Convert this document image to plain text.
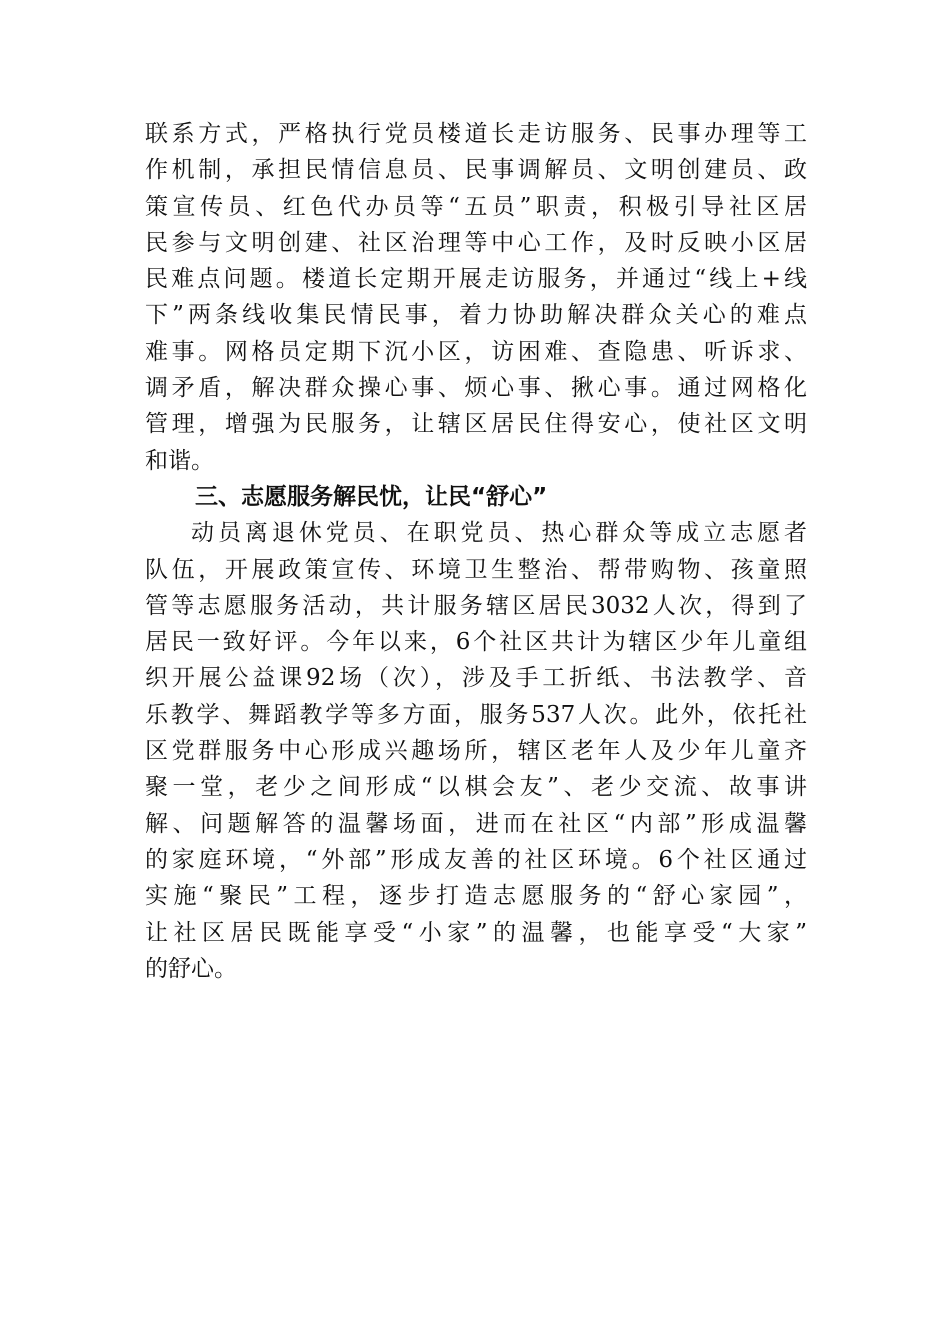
联系方式，严格执行党员楼道长走访服务、民事办理等工
作机制，承担民情信息员、民事调解员、文明创建员、政
策宣传员、红色代办员等“五员”职责，积极引导社区居
民参与文明创建、社区治理等中心工作，及时反映小区居
民难点问题。楼道长定期开展走访服务，并通过“线上+线
下”两条线收集民情民事，着力协助解决群众关心的难点
难事。网格员定期下沉小区，访困难、查隐患、听诉求、
调矛盾，解决群众操心事、烦心事、揪心事。通过网格化
管理，增强为民服务，让辖区居民住得安心，使社区文明
和谐。
三、志愿服务解民忧，让民“舒心”
动员离退休党员、在职党员、热心群众等成立志愿者
队伍，开展政策宣传、环境卫生整治、帮带购物、孩童照
管等志愿服务活动，共计服务辖区居民3032人次，得到了
居民一致好评。今年以来，6个社区共计为辖区少年儿童组
织开展公益课92场（次），涉及手工折纸、书法教学、音
乐教学、舞蹈教学等多方面，服务537人次。此外，依托社
区党群服务中心形成兴趣场所，辖区老年人及少年儿童齐
聚一堂，老少之间形成“以棋会友”、老少交流、故事讲
解、问题解答的温馨场面，进而在社区“内部”形成温馨
的家庭环境，“外部”形成友善的社区环境。6个社区通过
实施“聚民”工程，逐步打造志愿服务的“舒心家园”，
让社区居民既能享受“小家”的温馨，也能享受“大家”
的舒心。
